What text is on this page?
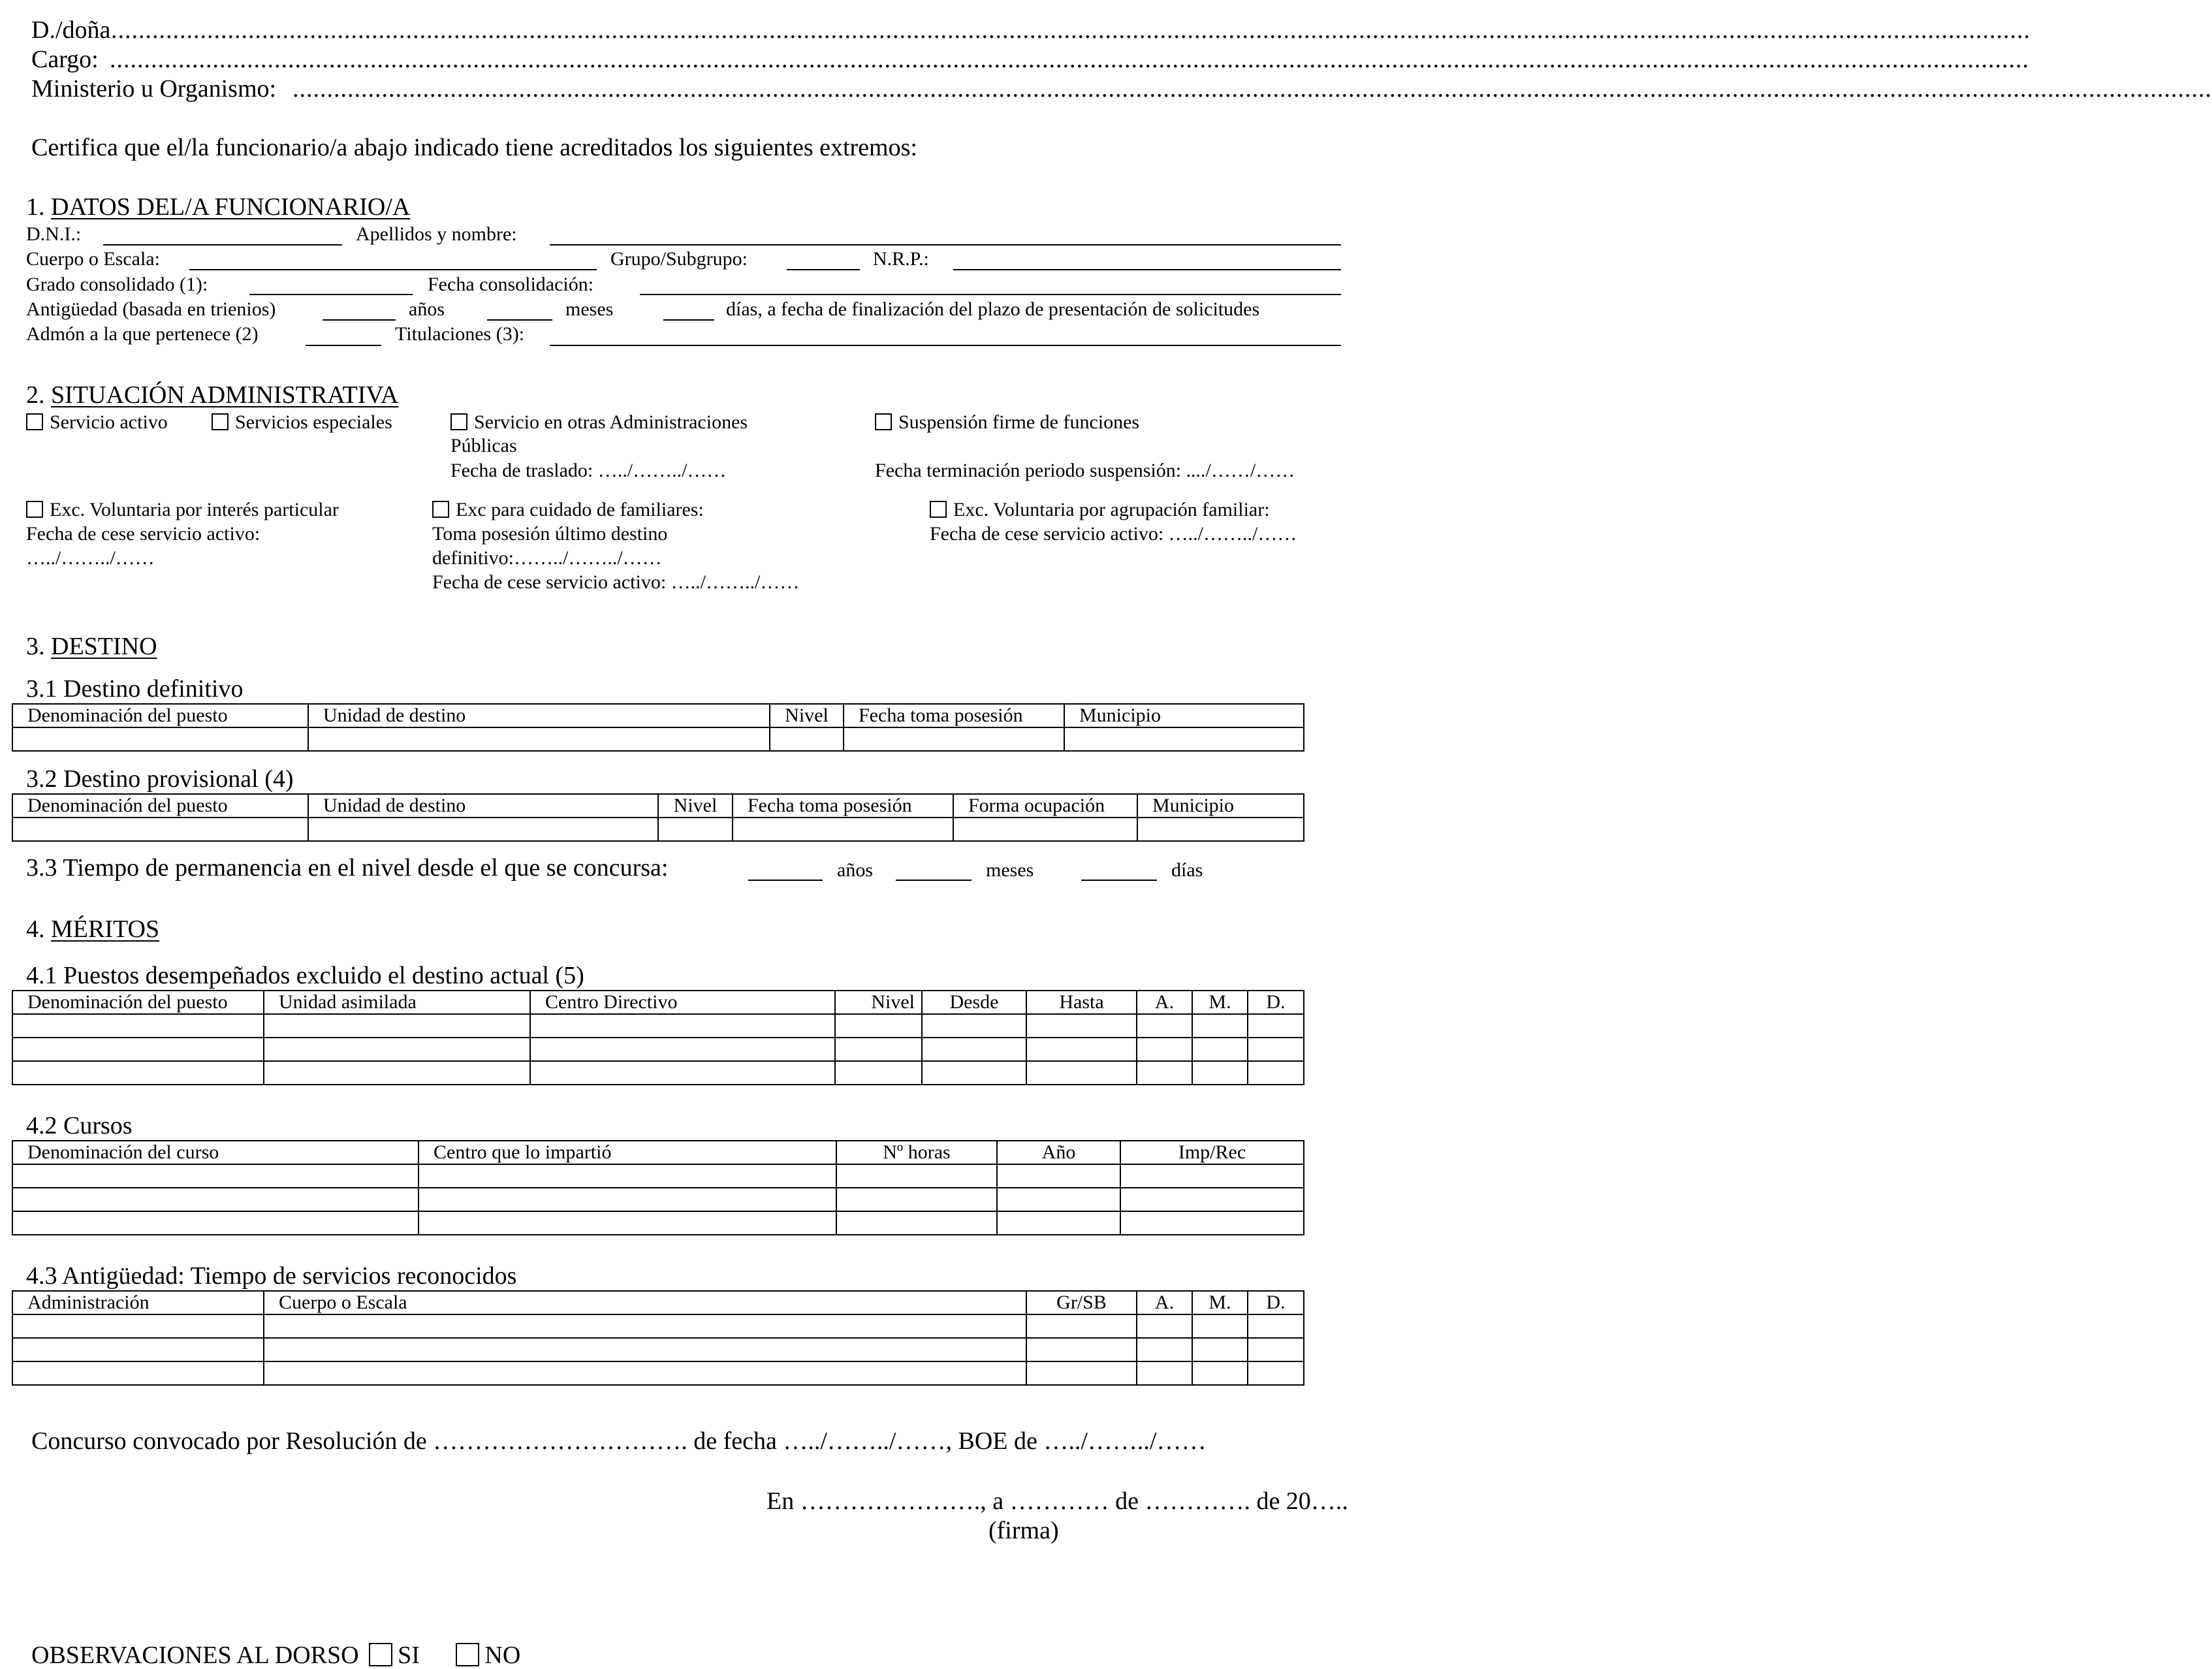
D./doña ........................................................................................................................................................................................................................................................................................
Cargo: ........................................................................................................................................................................................................................................................................................
Ministerio u Organismo: ........................................................................................................................................................................................................................................................................................
Certifica que el/la funcionario/a abajo indicado tiene acreditados los siguientes extremos:
1. DATOS DEL/A FUNCIONARIO/A
D.N.I.:	Apellidos y nombre:
Cuerpo o Escala:	Grupo/Subgrupo:	N.R.P.:
Grado consolidado (1):	Fecha consolidación:
Antigüedad (basada en trienios)	años	meses	días, a fecha de finalización del plazo de presentación de solicitudes
Admón a la que pertenece (2)	Titulaciones (3):
2. SITUACIÓN ADMINISTRATIVA
Servicio activo	Servicios especiales	Servicio en otras Administraciones
Públicas
Fecha de traslado: …../……../……
Suspensión firme de funciones
Fecha terminación periodo suspensión: ..../……/……
Exc. Voluntaria por interés particular
Fecha de cese servicio activo:
…../……../……
Exc para cuidado de familiares:
Toma posesión último destino
definitivo:……../……../……
Fecha de cese servicio activo: …../……../……
Exc. Voluntaria por agrupación familiar:
Fecha de cese servicio activo: …../……../……
3. DESTINO
3.1 Destino definitivo
Denominación del puesto	Unidad de destino	Nivel	Fecha toma posesión	Municipio

3.2 Destino provisional (4)
Denominación del puesto	Unidad de destino	Nivel	Fecha toma posesión	Forma ocupación	Municipio

3.3 Tiempo de permanencia en el nivel desde el que se concursa:	años	meses	días
4. MÉRITOS
4.1 Puestos desempeñados excluido el destino actual (5)
Denominación del puesto	Unidad asimilada	Centro Directivo	Nivel	Desde	Hasta	A.	M.	D.

4.2 Cursos
Denominación del curso	Centro que lo impartió	Nº horas	Año	Imp/Rec

4.3 Antigüedad: Tiempo de servicios reconocidos
Administración	Cuerpo o Escala	Gr/SB	A.	M.	D.

Concurso convocado por Resolución de …………………………. de fecha …../……../……, BOE de …../……../……
En …………………., a ………… de …………. de 20…..
(firma)
OBSERVACIONES AL DORSO SI	NO
